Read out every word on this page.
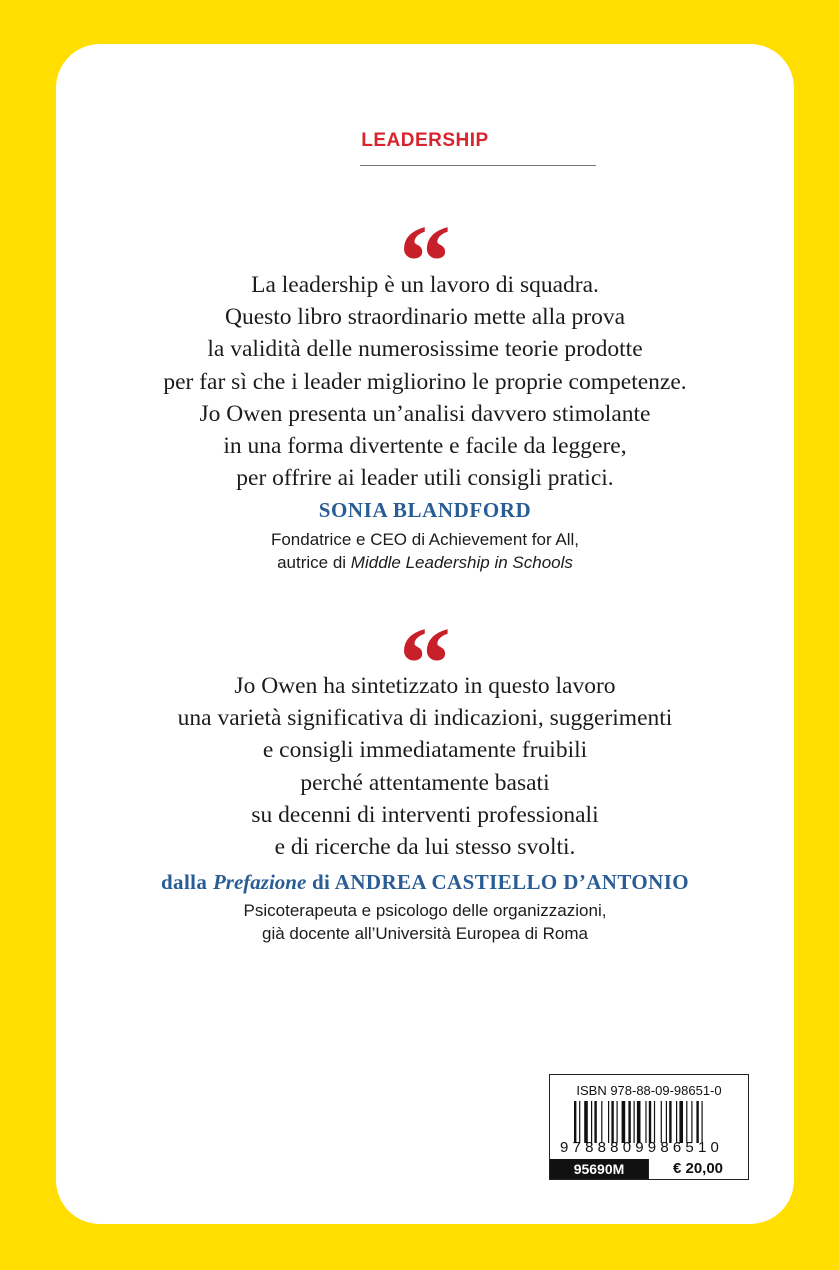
LEADERSHIP

“
La leadership è un lavoro di squadra.
Questo libro straordinario mette alla prova
la validità delle numerosissime teorie prodotte
per far sì che i leader migliorino le proprie competenze.
Jo Owen presenta un’analisi davvero stimolante
in una forma divertente e facile da leggere,
per offrire ai leader utili consigli pratici.
SONIA BLANDFORD
Fondatrice e CEO di Achievement for All,
autrice di Middle Leadership in Schools
“
Jo Owen ha sintetizzato in questo lavoro
una varietà significativa di indicazioni, suggerimenti
e consigli immediatamente fruibili
perché attentamente basati
su decenni di interventi professionali
e di ricerche da lui stesso svolti.
dalla Prefazione di ANDREA CASTIELLO D’ANTONIO
Psicoterapeuta e psicologo delle organizzazioni,
già docente all’Università Europea di Roma
ISBN 978-88-09-98651-0
9788809986510
95690M	€ 20,00
